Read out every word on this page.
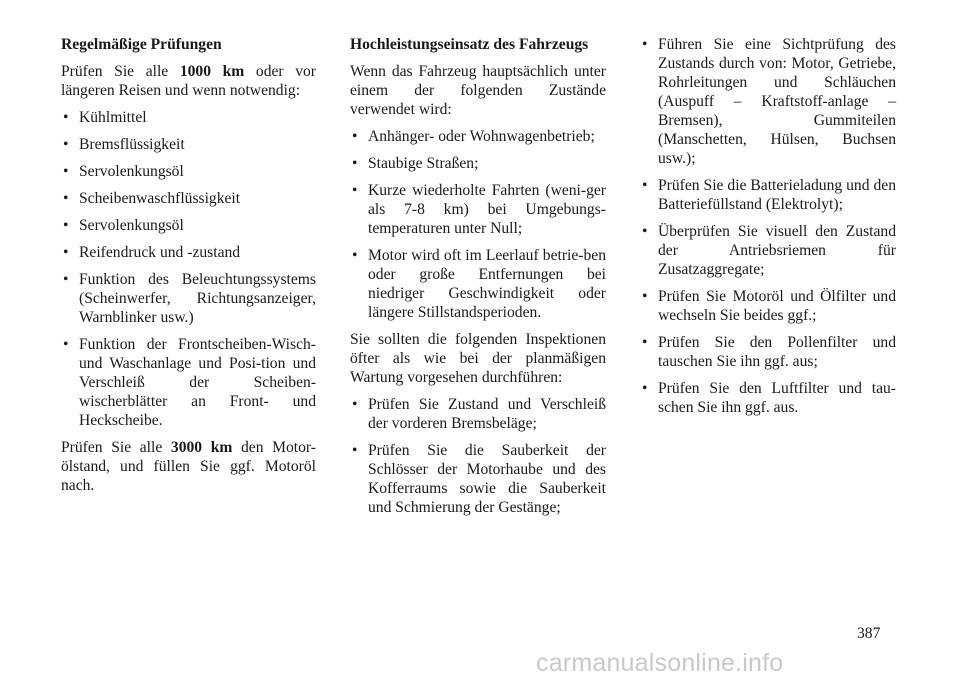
Regelmäßige Prüfungen

Prüfen Sie alle 1000 km oder vor längeren Reisen und wenn notwendig:

• Kühlmittel
• Bremsflüssigkeit
• Servolenkungsöl
• Scheibenwaschflüssigkeit
• Servolenkungsöl
• Reifendruck und -zustand
• Funktion des Beleuchtungssystems (Scheinwerfer, Richtungsanzeiger, Warnblinker usw.)
• Funktion der Frontscheiben-Wisch- und Waschanlage und Posi-tion und Verschleiß der Scheiben-wischerblätter an Front- und Heckscheibe.

Prüfen Sie alle 3000 km den Motor-ölstand, und füllen Sie ggf. Motoröl nach.

Hochleistungseinsatz des Fahrzeugs

Wenn das Fahrzeug hauptsächlich unter einem der folgenden Zustände verwendet wird:

• Anhänger- oder Wohnwagenbetrieb;
• Staubige Straßen;
• Kurze wiederholte Fahrten (weni-ger als 7-8 km) bei Umgebungs-temperaturen unter Null;
• Motor wird oft im Leerlauf betrie-ben oder große Entfernungen bei niedriger Geschwindigkeit oder längere Stillstandsperioden.

Sie sollten die folgenden Inspektionen öfter als wie bei der planmäßigen Wartung vorgesehen durchführen:

• Prüfen Sie Zustand und Verschleiß der vorderen Bremsbeläge;
• Prüfen Sie die Sauberkeit der Schlösser der Motorhaube und des Kofferraums sowie die Sauberkeit und Schmierung der Gestänge;
• Führen Sie eine Sichtprüfung des Zustands durch von: Motor, Getriebe, Rohrleitungen und Schläuchen (Auspuff – Kraftstoff-anlage – Bremsen), Gummiteilen (Manschetten, Hülsen, Buchsen usw.);
• Prüfen Sie die Batterieladung und den Batteriefüllstand (Elektrolyt);
• Überprüfen Sie visuell den Zustand der Antriebsriemen für Zusatzaggregate;
• Prüfen Sie Motoröl und Ölfilter und wechseln Sie beides ggf.;
• Prüfen Sie den Pollenfilter und tauschen Sie ihn ggf. aus;
• Prüfen Sie den Luftfilter und tau-schen Sie ihn ggf. aus.
387
carmanualsonline.info
